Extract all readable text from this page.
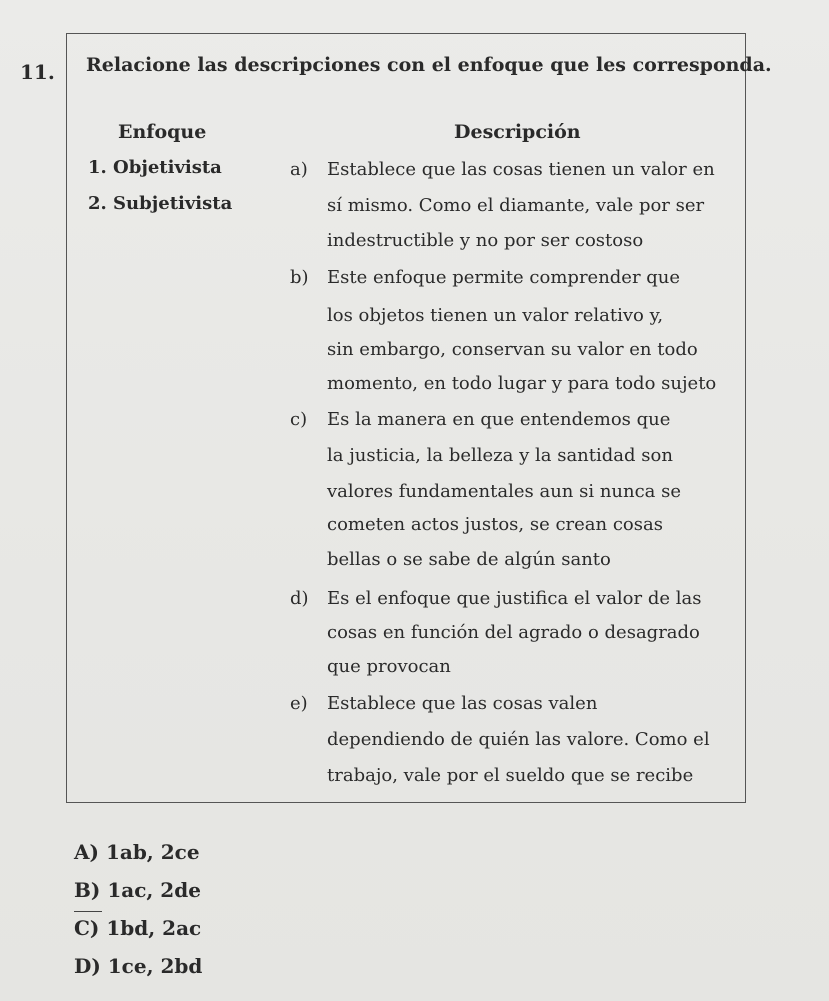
11. Relacione las descripciones con el enfoque que les corresponda.
Enfoque	Descripción
1. Objetivista
2. Subjetivista
a) Establece que las cosas tienen un valor en
sí mismo. Como el diamante, vale por ser
indestructible y no por ser costoso
b) Este enfoque permite comprender que
los objetos tienen un valor relativo y,
sin embargo, conservan su valor en todo
momento, en todo lugar y para todo sujeto
c) Es la manera en que entendemos que
la justicia, la belleza y la santidad son
valores fundamentales aun si nunca se
cometen actos justos, se crean cosas
bellas o se sabe de algún santo
d) Es el enfoque que justifica el valor de las
cosas en función del agrado o desagrado
que provocan
e) Establece que las cosas valen
dependiendo de quién las valore. Como el
trabajo, vale por el sueldo que se recibe
A) 1ab, 2ce
B) 1ac, 2de
C) 1bd, 2ac
D) 1ce, 2bd
